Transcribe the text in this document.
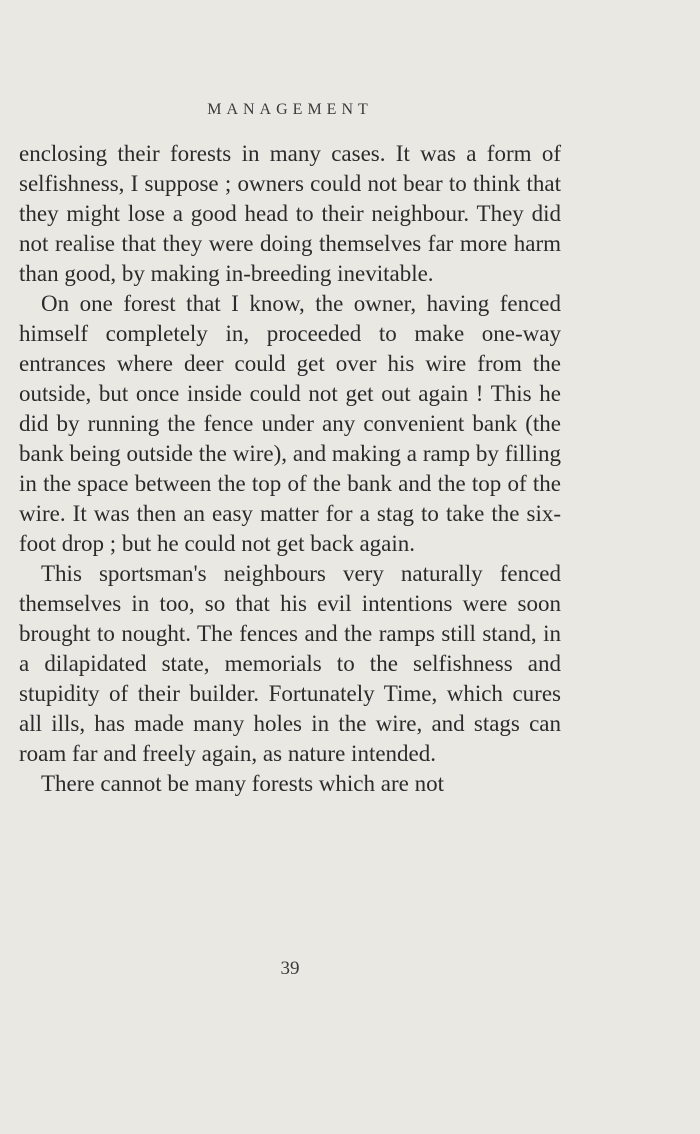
MANAGEMENT

enclosing their forests in many cases. It was a form of selfishness, I suppose ; owners could not bear to think that they might lose a good head to their neighbour. They did not realise that they were doing themselves far more harm than good, by making in-breeding inevitable.

On one forest that I know, the owner, having fenced himself completely in, proceeded to make one-way entrances where deer could get over his wire from the outside, but once inside could not get out again ! This he did by running the fence under any convenient bank (the bank being outside the wire), and making a ramp by filling in the space between the top of the bank and the top of the wire. It was then an easy matter for a stag to take the six-foot drop ; but he could not get back again.

This sportsman's neighbours very naturally fenced themselves in too, so that his evil intentions were soon brought to nought. The fences and the ramps still stand, in a dilapidated state, memorials to the selfishness and stupidity of their builder. Fortunately Time, which cures all ills, has made many holes in the wire, and stags can roam far and freely again, as nature intended.

There cannot be many forests which are not

39
